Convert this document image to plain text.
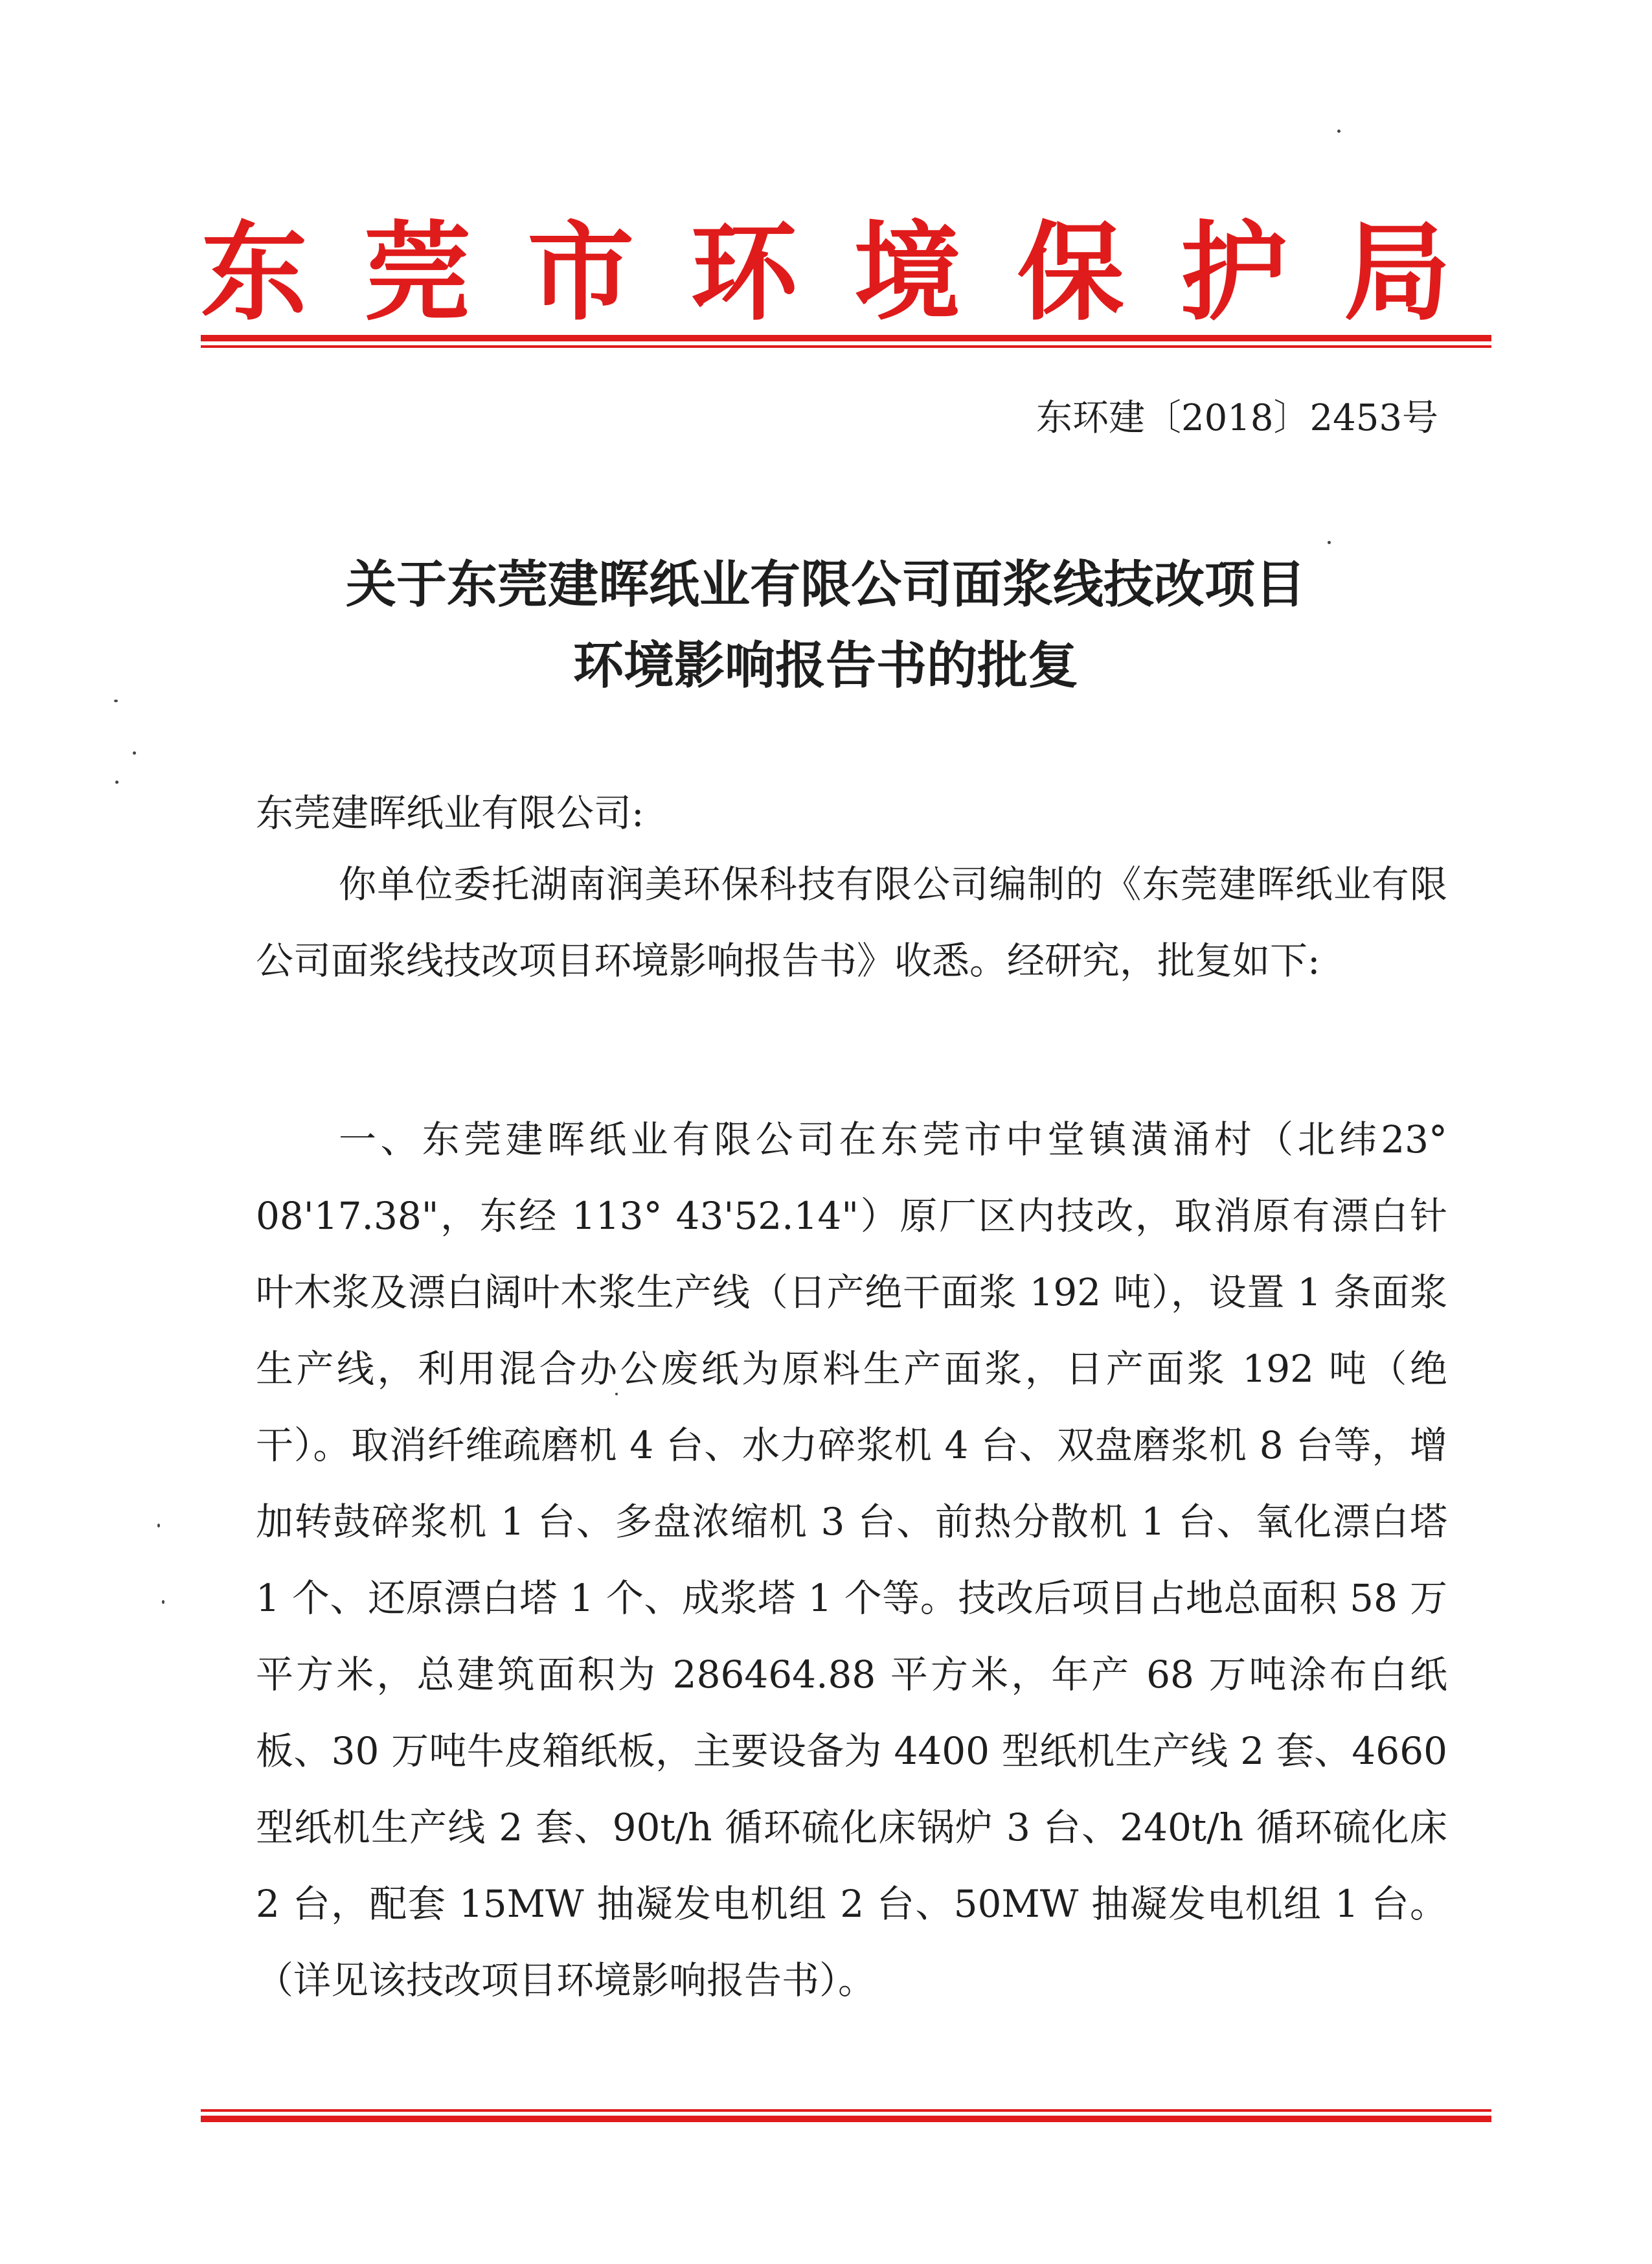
东莞市环境保护局
东环建〔2018〕2453号
关于东莞建晖纸业有限公司面浆线技改项目
环境影响报告书的批复

东莞建晖纸业有限公司:

你单位委托湖南润美环保科技有限公司编制的《东莞建晖纸业有限公司面浆线技改项目环境影响报告书》收悉。经研究，批复如下:

一、东莞建晖纸业有限公司在东莞市中堂镇潢涌村（北纬23° 08'17.38"，东经 113° 43'52.14"）原厂区内技改，取消原有漂白针叶木浆及漂白阔叶木浆生产线（日产绝干面浆 192 吨），设置 1 条面浆生产线，利用混合办公废纸为原料生产面浆，日产面浆 192 吨（绝干）。取消纤维疏磨机 4 台、水力碎浆机 4 台、双盘磨浆机 8 台等，增加转鼓碎浆机 1 台、多盘浓缩机 3 台、前热分散机 1 台、氧化漂白塔 1 个、还原漂白塔 1 个、成浆塔 1 个等。技改后项目占地总面积 58 万平方米，总建筑面积为 286464.88 平方米，年产 68 万吨涂布白纸板、30 万吨牛皮箱纸板，主要设备为 4400 型纸机生产线 2 套、4660 型纸机生产线 2 套、90t/h 循环硫化床锅炉 3 台、240t/h 循环硫化床 2 台，配套 15MW 抽凝发电机组 2 台、50MW 抽凝发电机组 1 台。（详见该技改项目环境影响报告书）。
